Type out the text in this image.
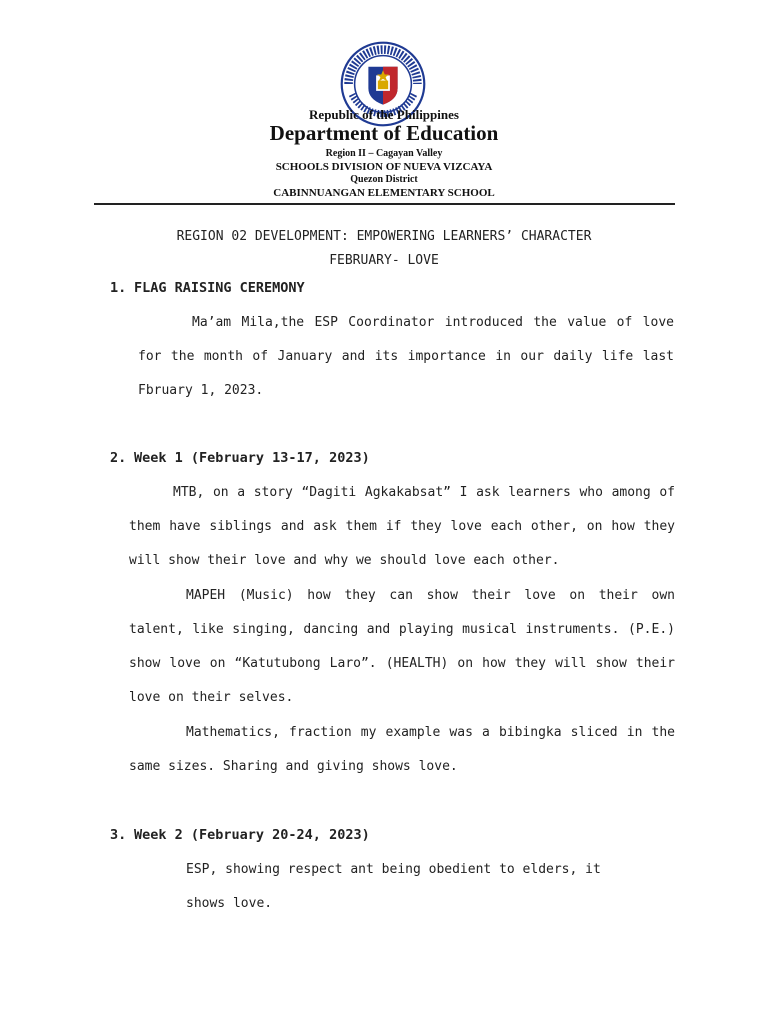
Republic of the Philippines
Department of Education
Region II – Cagayan Valley
SCHOOLS DIVISION OF NUEVA VIZCAYA
Quezon District
CABINNUANGAN ELEMENTARY SCHOOL
REGION 02 DEVELOPMENT: EMPOWERING LEARNERS’ CHARACTER
FEBRUARY- LOVE
1. FLAG RAISING CEREMONY
Ma’am Mila,the ESP Coordinator introduced the value of love for the month of January and its importance in our daily life last Fbruary 1, 2023.
2. Week 1 (February 13-17, 2023)
MTB, on a story “Dagiti Agkakabsat” I ask learners who among of them have siblings and ask them if they love each other, on how they will show their love and why we should love each other.
MAPEH (Music) how they can show their love on their own talent, like singing, dancing and playing musical instruments. (P.E.) show love on “Katutubong Laro”. (HEALTH) on how they will show their love on their selves.
Mathematics, fraction my example was a bibingka sliced in the same sizes. Sharing and giving shows love.
3. Week 2 (February 20-24, 2023)
ESP, showing respect ant being obedient to elders, it shows love.
